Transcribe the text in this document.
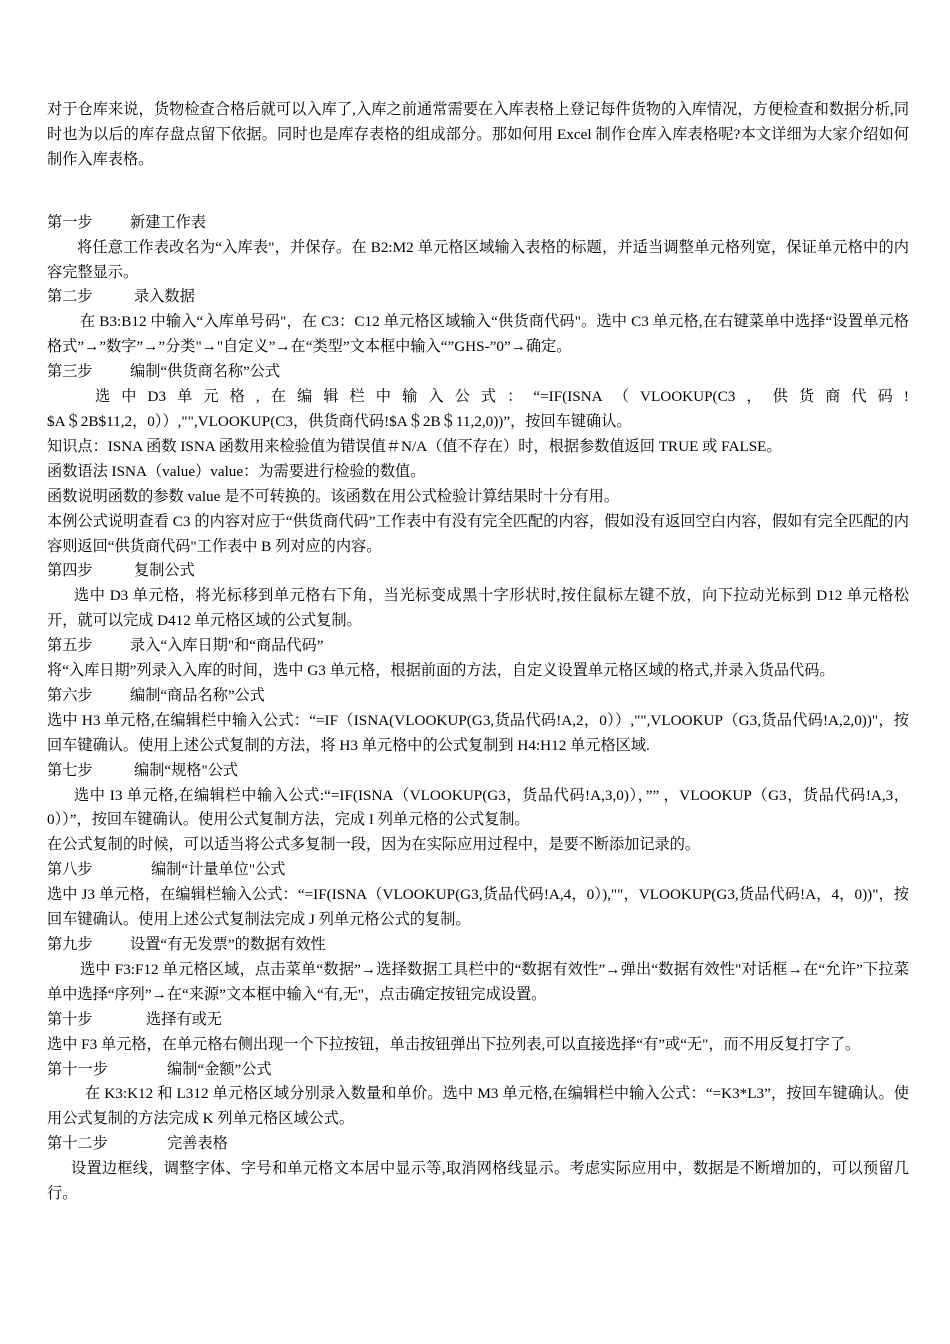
对于仓库来说，货物检查合格后就可以入库了,入库之前通常需要在入库表格上登记每件货物的入库情况，方便检查和数据分析,同时也为以后的库存盘点留下依据。同时也是库存表格的组成部分。那如何用 Excel 制作仓库入库表格呢?本文详细为大家介绍如何制作入库表格。

第一步 新建工作表

将任意工作表改名为“入库表"，并保存。在 B2:M2 单元格区域输入表格的标题，并适当调整单元格列宽，保证单元格中的内容完整显示。

第二步	录入数据

在 B3:B12 中输入“入库单号码"，在 C3：C12 单元格区域输入“供货商代码"。选中 C3 单元格,在右键菜单中选择“设置单元格格式”→”数字”→”分类"→"自定义”→在“类型”文本框中输入“”GHS-”0”→确定。

第三步 编制“供货商名称”公式

选中D3单元格,在编辑栏中输入公式：“=IF(ISNA（VLOOKUP(C3，供货商代码!

$A＄2B$11,2，0））,"",VLOOKUP(C3，供货商代码!$A＄2B＄11,2,0))”，按回车键确认。

知识点：ISNA 函数 ISNA 函数用来检验值为错误值＃N/A（值不存在）时，根据参数值返回 TRUE 或 FALSE。

函数语法 ISNA（value）value：为需要进行检验的数值。

函数说明函数的参数 value 是不可转换的。该函数在用公式检验计算结果时十分有用。

本例公式说明查看 C3 的内容对应于“供货商代码”工作表中有没有完全匹配的内容，假如没有返回空白内容，假如有完全匹配的内容则返回“供货商代码"工作表中 B 列对应的内容。

第四步	复制公式

选中 D3 单元格，将光标移到单元格右下角，当光标变成黑十字形状时,按住鼠标左键不放，向下拉动光标到 D12 单元格松开，就可以完成 D412 单元格区域的公式复制。

第五步 录入“入库日期"和“商品代码”

将“入库日期”列录入入库的时间，选中 G3 单元格，根据前面的方法，自定义设置单元格区域的格式,并录入货品代码。

第六步 编制“商品名称”公式

选中 H3 单元格,在编辑栏中输入公式：“=IF（ISNA(VLOOKUP(G3,货品代码!A,2，0））,"",VLOOKUP（G3,货品代码!A,2,0))"，按回车键确认。使用上述公式复制的方法，将 H3 单元格中的公式复制到 H4:H12 单元格区域.

第七步	编制“规格"公式

选中 I3 单元格,在编辑栏中输入公式:“=IF(ISNA（VLOOKUP(G3，货品代码!A,3,0)），”” ，VLOOKUP（G3，货品代码!A,3，0））”，按回车键确认。使用公式复制方法，完成 I 列单元格的公式复制。

在公式复制的时候，可以适当将公式多复制一段，因为在实际应用过程中，是要不断添加记录的。

第八步	编制“计量单位"公式

选中 J3 单元格，在编辑栏输入公式：“=IF(ISNA（VLOOKUP(G3,货品代码!A,4，0）),""，VLOOKUP(G3,货品代码!A，4，0))"，按回车键确认。使用上述公式复制法完成 J 列单元格公式的复制。

第九步 设置“有无发票”的数据有效性

选中 F3:F12 单元格区域，点击菜单“数据”→选择数据工具栏中的“数据有效性”→弹出“数据有效性"对话框→在“允许”下拉菜单中选择“序列”→在“来源”文本框中输入“有,无"，点击确定按钮完成设置。

第十步	选择有或无

选中 F3 单元格，在单元格右侧出现一个下拉按钮，单击按钮弹出下拉列表,可以直接选择“有”或“无"，而不用反复打字了。

第十一步	编制“金额”公式

在 K3:K12 和 L312 单元格区域分别录入数量和单价。选中 M3 单元格,在编辑栏中输入公式：“=K3*L3”，按回车键确认。使用公式复制的方法完成 K 列单元格区域公式。

第十二步	完善表格

设置边框线，调整字体、字号和单元格文本居中显示等,取消网格线显示。考虑实际应用中，数据是不断增加的，可以预留几行。
